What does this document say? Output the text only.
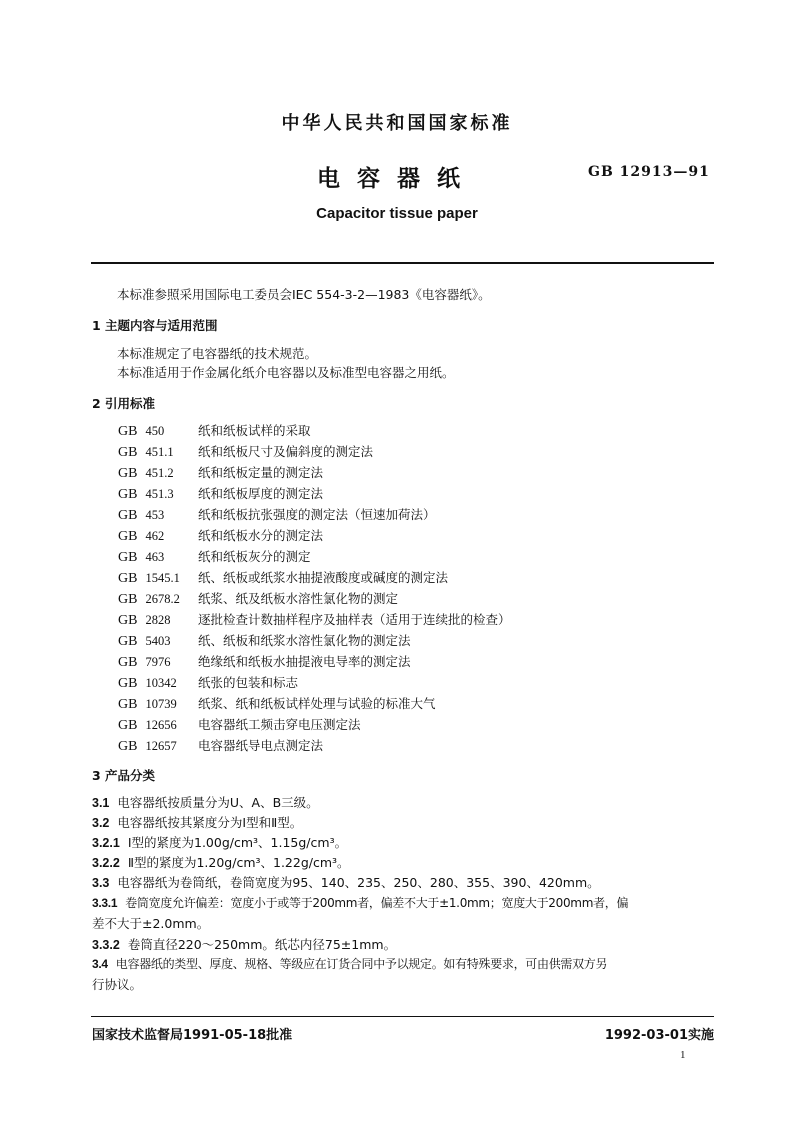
中华人民共和国国家标准
电容器纸	GB 12913—91
Capacitor tissue paper
本标准参照采用国际电工委员会IEC 554-3-2—1983《电容器纸》。
1 主题内容与适用范围
本标准规定了电容器纸的技术规范。
本标准适用于作金属化纸介电容器以及标准型电容器之用纸。
2 引用标准
GB 450	纸和纸板试样的采取
GB 451.1 纸和纸板尺寸及偏斜度的测定法
GB 451.2 纸和纸板定量的测定法
GB 451.3 纸和纸板厚度的测定法
GB 453	纸和纸板抗张强度的测定法（恒速加荷法）
GB 462	纸和纸板水分的测定法
GB 463	纸和纸板灰分的测定
GB 1545.1 纸、纸板或纸浆水抽提液酸度或碱度的测定法
GB 2678.2 纸浆、纸及纸板水溶性氯化物的测定
GB 2828 逐批检查计数抽样程序及抽样表（适用于连续批的检查）
GB 5403 纸、纸板和纸浆水溶性氯化物的测定法
GB 7976 绝缘纸和纸板水抽提液电导率的测定法
GB 10342 纸张的包装和标志
GB 10739 纸浆、纸和纸板试样处理与试验的标准大气
GB 12656 电容器纸工频击穿电压测定法
GB 12657 电容器纸导电点测定法
3 产品分类
3.1 电容器纸按质量分为U、A、B三级。
3.2 电容器纸按其紧度分为Ⅰ型和Ⅱ型。
3.2.1 Ⅰ型的紧度为1.00g/cm³、1.15g/cm³。
3.2.2 Ⅱ型的紧度为1.20g/cm³、1.22g/cm³。
3.3 电容器纸为卷筒纸，卷筒宽度为95、140、235、250、280、355、390、420mm。
3.3.1 卷筒宽度允许偏差：宽度小于或等于200mm者，偏差不大于±1.0mm；宽度大于200mm者，偏
差不大于±2.0mm。
3.3.2 卷筒直径220～250mm。纸芯内径75±1mm。
3.4 电容器纸的类型、厚度、规格、等级应在订货合同中予以规定。如有特殊要求，可由供需双方另
行协议。
国家技术监督局1991-05-18批准	1992-03-01实施
1
